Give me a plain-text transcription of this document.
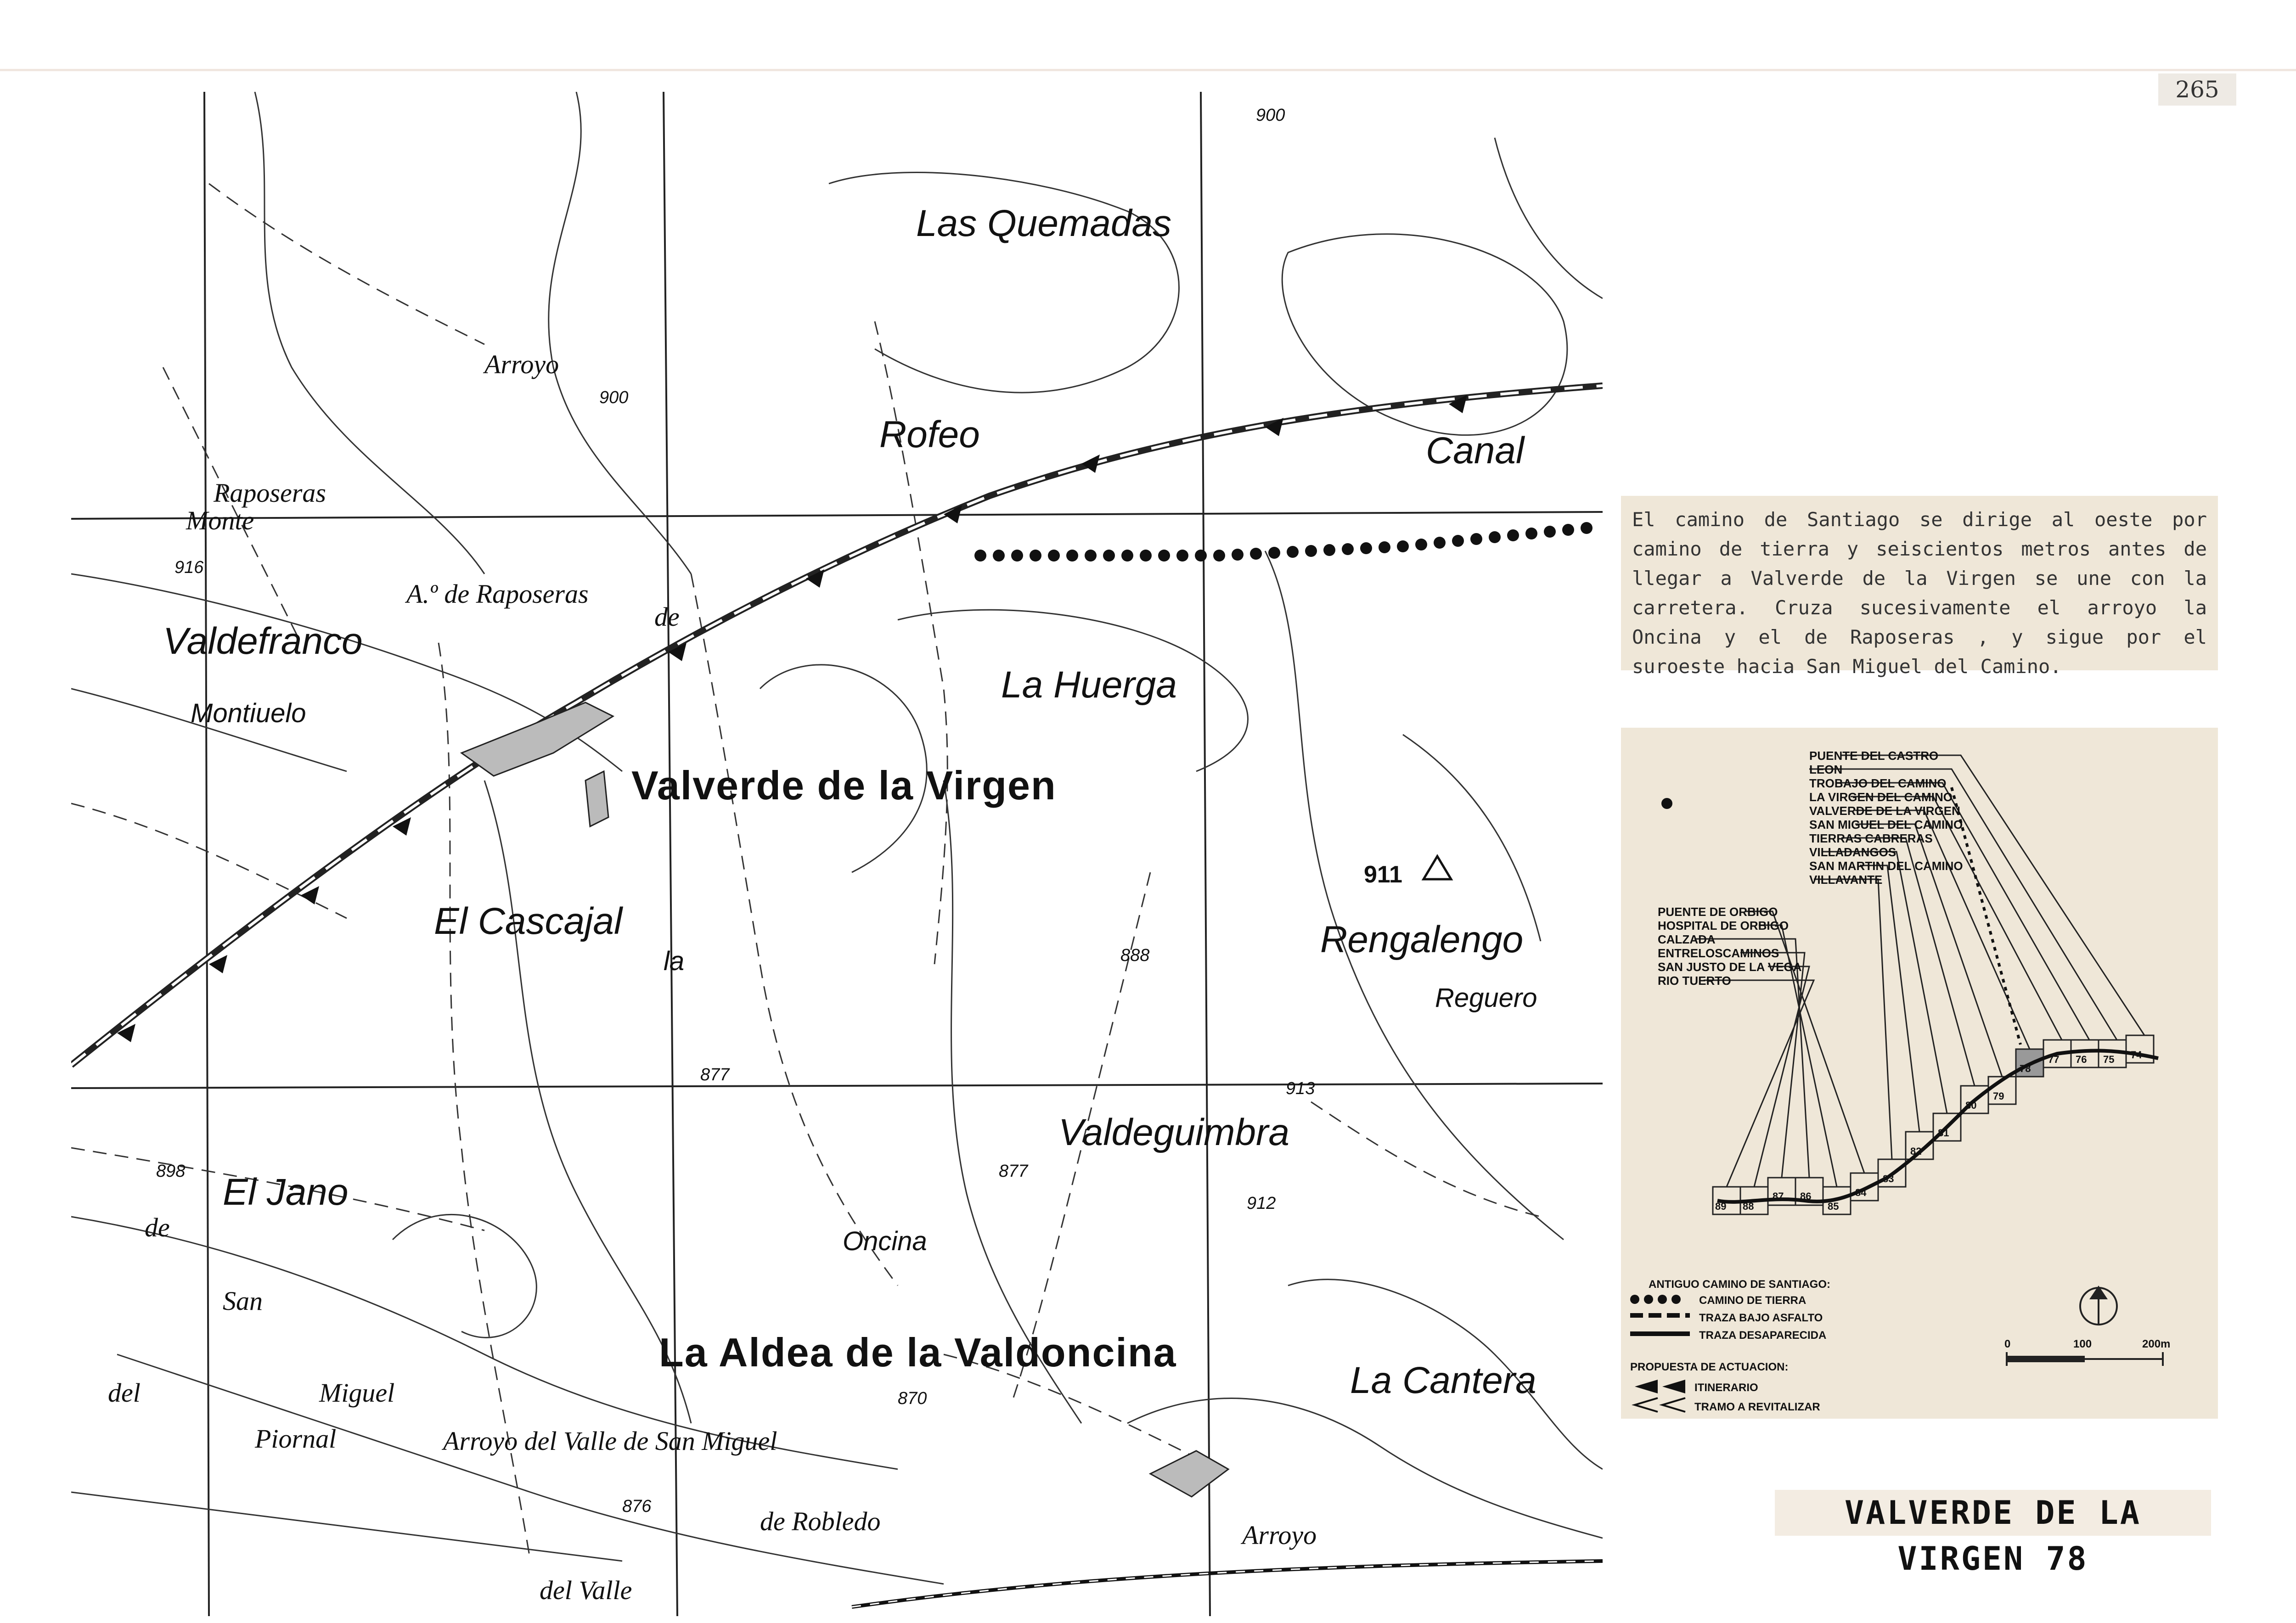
265
Las Quemadas
Rofeo	Canal
Valdefranco
La Huerga
Valverde de la Virgen
El Cascajal	Rengalengo
Valdeguimbra
El Jano
La Aldea de la Valdoncina
La Cantera
Montiuelo
Oncina
la
Reguero
Arroyo
Raposeras
Monte
A.º de Raposeras
de
de
San
Miguel
del
Piornal	Arroyo del Valle de San Miguel
de Robledo
del Valle
Arroyo
900
900
916
911
888
877
913
898	877
912
870
876
El camino de Santiago se dirige al oeste por camino de tierra y seiscientos metros antes de llegar a Valverde de la Virgen se une con la carretera. Cruza sucesivamente el arroyo la Oncina y el de Raposeras , y sigue por el suroeste hacia San Miguel del Camino.
PUENTE DEL CASTRO
LEON
TROBAJO DEL CAMINO
LA VIRGEN DEL CAMINO
VALVERDE DE LA VIRGEN
SAN MIGUEL DEL CAMINO
TIERRAS CABRERAS
VILLADANGOS
SAN MARTIN DEL CAMINO
VILLAVANTE
PUENTE DE ORBIGO
HOSPITAL DE ORBIGO
CALZADA
ENTRELOSCAMINOS
SAN JUSTO DE LA VEGA
RIO TUERTO
89 88
87 86
85
84
83
82
81
80
79
78
77 76 75 74
ANTIGUO CAMINO DE SANTIAGO:
CAMINO DE TIERRA
TRAZA BAJO ASFALTO
TRAZA DESAPARECIDA
PROPUESTA DE ACTUACION:
ITINERARIO
TRAMO A REVITALIZAR
0	100	200m
VALVERDE DE LA VIRGEN 78
